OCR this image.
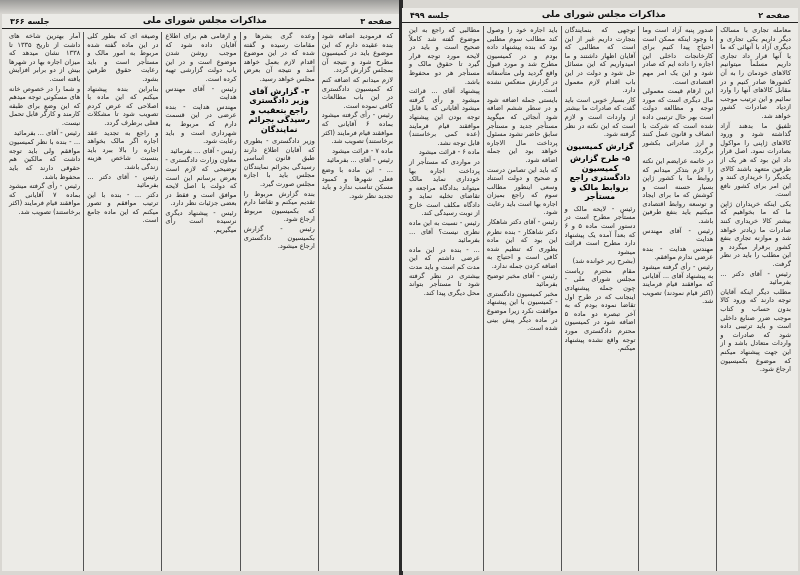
صفحه ۳
مذاکرات مجلس شورای ملی
جلسه ۳۶۶

که فرمودید اضافه شود بنده عقیده دارم که این موضوع باید در کمیسیون مطرح شود و نتیجه آن بمجلس گزارش گردد.

لازم میدانم که اضافه کنم که کمیسیون دادگستری در این باب مطالعات کافی نموده است.

رئیس - رأی گرفته میشود بماده ۶ آقایانی که موافقند قیام فرمایند (اکثر برخاستند) تصویب شد.

ماده ۷ - قرائت میشود

رئیس - آقای ... بفرمائید

... - این ماده با وضع فعلی شهرها و کمبود مسکن تناسب ندارد و باید تجدید نظر شود.

وعده گری بشرها و مقامات رسیده و گفته شده که در این موضوع اقدام لازم بعمل خواهد آمد و نتیجه آن بعرض مجلس خواهد رسید.

۳- گزارش آقای وزیر دادگستری راجع بتعقیب و رسیدگی بجرائم نمایندگان

وزیر دادگستری - بطوری که آقایان اطلاع دارند طبق قانون اساسی رسیدگی بجرائم نمایندگان مجلس باید با اجازه مجلس صورت گیرد.

بنده گزارش مربوط را تقدیم میکنم و تقاضا دارم که بکمیسیون مربوط ارجاع شود.

رئیس - گزارش بکمیسیون دادگستری ارجاع میشود.

و ارقامی هم برای اطلاع آقایان داده شود که موجب روشن شدن موضوع است و در این باب دولت گزارشی تهیه کرده است.

رئیس - آقای مهندس هدایت

مهندس هدایت - بنده عرضی در این قسمت دارم که مربوط به شهرداری است و باید رعایت شود.

رئیس - آقای ... بفرمائید

معاون وزارت دادگستری - توضیحی که لازم است بعرض برسانم این است که دولت با اصل لایحه موافق است و فقط در بعضی جزئیات نظر دارد.

رئیس - پیشنهاد دیگری نرسیده است رأی میگیریم.

وصیغه ای که بطور کلی در این ماده گفته شده مربوط به امور مالک و مستأجر است و باید رعایت حقوق طرفین بشود.

بنابراین بنده پیشنهاد میکنم که این ماده با اصلاحی که عرض کردم تصویب شود تا مشکلات فعلی برطرف گردد.

و راجع به تجدید عقد اجاره اگر مالک بخواهد اجاره را بالا ببرد باید بنسبت شاخص هزینه زندگی باشد.

رئیس - آقای دکتر ... بفرمائید

دکتر ... - بنده با این ترتیب موافقم و تصور میکنم که این ماده جامع است.

آمار بهترین شاخه های داشت از تاریخ ۱۳۳۵ تا ۱۳۳۸ نشان میدهد که میزان اجاره بها در شهرها بیش از دو برابر افزایش یافته است.

و شما را در خصوص خانه های مسکونی توجه میدهم که این وضع برای طبقه کارمند و کارگر قابل تحمل نیست.

رئیس - آقای ... بفرمائید

... - بنده با نظر کمیسیون موافقم ولی باید توجه داشت که مالکین هم حقوقی دارند که باید محفوظ باشد.

رئیس - رأی گرفته میشود بماده ۷ آقایانی که موافقند قیام فرمایند (اکثر برخاستند) تصویب شد.

صفحه ۲
مذاکرات مجلس شورای ملی
جلسه ۴۹۹

معامله تجاری با مسالک دیگر داریم یکی تجاری و دیگری آزاد با آنهائی که ما با آنها قرار داد تجاری داریم مسلماً میتوانیم کالاهای خودمان را به آن کشورها صادر کنیم و در مقابل کالاهای آنها را وارد نمائیم و این ترتیب موجب ازدیاد صادرات کشور خواهد شد.

تلفیق ما بدهند آزاد گذاشته شود و ورود کالاهای ژاپنی را مواکول بصادرات نمود. اصل قرار داد این بود که هر یک از طرفین متعهد باشند کالای یکدیگر را خریداری کنند و این امر برای کشور نافع است.

یکی اینکه خریداران ژاپن ما که ما بخواهیم که بیشتر کالا خریداری کنند صادرات ما زیادتر خواهد شد و موازنه تجاری بنفع کشور برقرار میگردد و این مطلب را باید در نظر گرفت.

رئیس - آقای دکتر ... بفرمائید

مطلب دیگر اینکه آقایان توجه دارند که ورود کالا بدون حساب و کتاب موجب ضرر صنایع داخلی است و باید ترتیبی داده شود که صادرات و واردات متعادل باشد و از این جهت پیشنهاد میکنم که موضوع بکمیسیون ارجاع شود.

صدور پنبه آزاد است وما با وجود اینکه ممکن است احتیاج پیدا کنیم برای کارخانجات داخلی این اجازه را داده ایم که صادر شود و این یک امر مهم اقتصادی است.

این ارقام قیمت معمولی مال دیگری است که مورد توجه و مطالعه دولت است بهر حال ترتیبی داده شده است که شرکت با انصاف و قانون عمل کنند و ارز صادراتی بکشور برگردد.

در خاتمه عرایضم این نکته را لازم بتذکر میدانم که روابط ما با کشور ژاپن بسیار حسنه است و کوشش که ما برای ایجاد و توسعه روابط اقتصادی میکنیم باید بنفع طرفین باشد.

رئیس - آقای مهندس هدایت

مهندس هدایت - بنده عرضی ندارم موافقم.

رئیس - رأی گرفته میشود به پیشنهاد آقای ... آقایانی که موافقند قیام فرمایند (اکثر قیام نمودند) تصویب شد.

توجهی که بنمایندگان بتجارت داریم غیر از این است که مطالبی که آقایان اظهار داشتند و ما امیدواریم که این مسائل حل شود و دولت در این باب اقدام لازم معمول دارد.

کار بسیار خوبی است باید گفت که صادرات ما بیشتر از واردات است و لازم است که این نکته در نظر گرفته شود.

گزارش کمیسیون
۵- طرح گزارش کمیسیون دادگستری راجع بروابط مالک و مستأجر

رئیس - لایحه مالک و مستأجر مطرح است در دستور است ماده ۵ و ۶ که بعداً آمده یک پیشنهاد دارد مطرح است قرائت میشود

(بشرح زیر خوانده شد)

مقام محترم ریاست مجلس شورای ملی - چون جمله پیشنهادی اینجانب که در طرح اول تقاضا نموده بودم که به آخر تبصره دو ماده ۵ اضافه شود در کمیسیون محترم دادگستری مورد توجه واقع نشده پیشنهاد میکنم.

باید اجاره خود را وصول کند مطالب سوم مطلبی بود که بنده پیشنهاد داده بودم و در کمیسیون مطرح شد و مورد قبول واقع گردید ولی متأسفانه در گزارش منعکس نشده است.

بایستی جمله اضافه شود و در سطر ششم اضافه شود آنجائی که میگوید مستأجر جدید و مستأجر سابق حاضر نشود مسئول پرداخت مال الاجاره خواهد بود این جمله اضافه شود.

که باید این تصامن درست و صحیح و دولت استناد وسعی اینطور مطالب سوم که راجع بمیزان اجاره بها است باید رعایت شود.

رئیس - آقای دکتر شاهکار

دکتر شاهکار - بنده نظرم این بود که این ماده بطوری که تنظیم شده کافی است و احتیاج به اضافه کردن جمله ندارد.

رئیس - آقای مخبر توضیح بفرمائید

مخبر کمیسیون دادگستری - کمیسیون با این پیشنهاد موافقت نکرد زیرا موضوع در ماده دیگر پیش بینی شده است.

مطالبی که راجع به این موضوع گفته شد کاملاً صحیح است و باید در لایحه مورد توجه قرار گیرد تا حقوق مالک و مستأجر هر دو محفوظ باشد.

پیشنهاد آقای ... قرائت میشود و رأی گرفته میشود آقایانی که با قابل توجه بودن این پیشنهاد موافقند قیام فرمایند (عده کمی برخاستند) قابل توجه نشد.

ماده ۶ - قرائت میشود

در مواردی که مستأجر از پرداخت اجاره بها خودداری نماید مالک میتواند بدادگاه مراجعه و تقاضای تخلیه نماید و دادگاه مکلف است خارج از نوبت رسیدگی کند.

رئیس - نسبت به این ماده نظری نیست؟ آقای ... بفرمائید

... - بنده در این ماده عرضی داشتم که این مدت کم است و باید مدت بیشتری در نظر گرفته شود تا مستأجر بتواند محل دیگری پیدا کند.
